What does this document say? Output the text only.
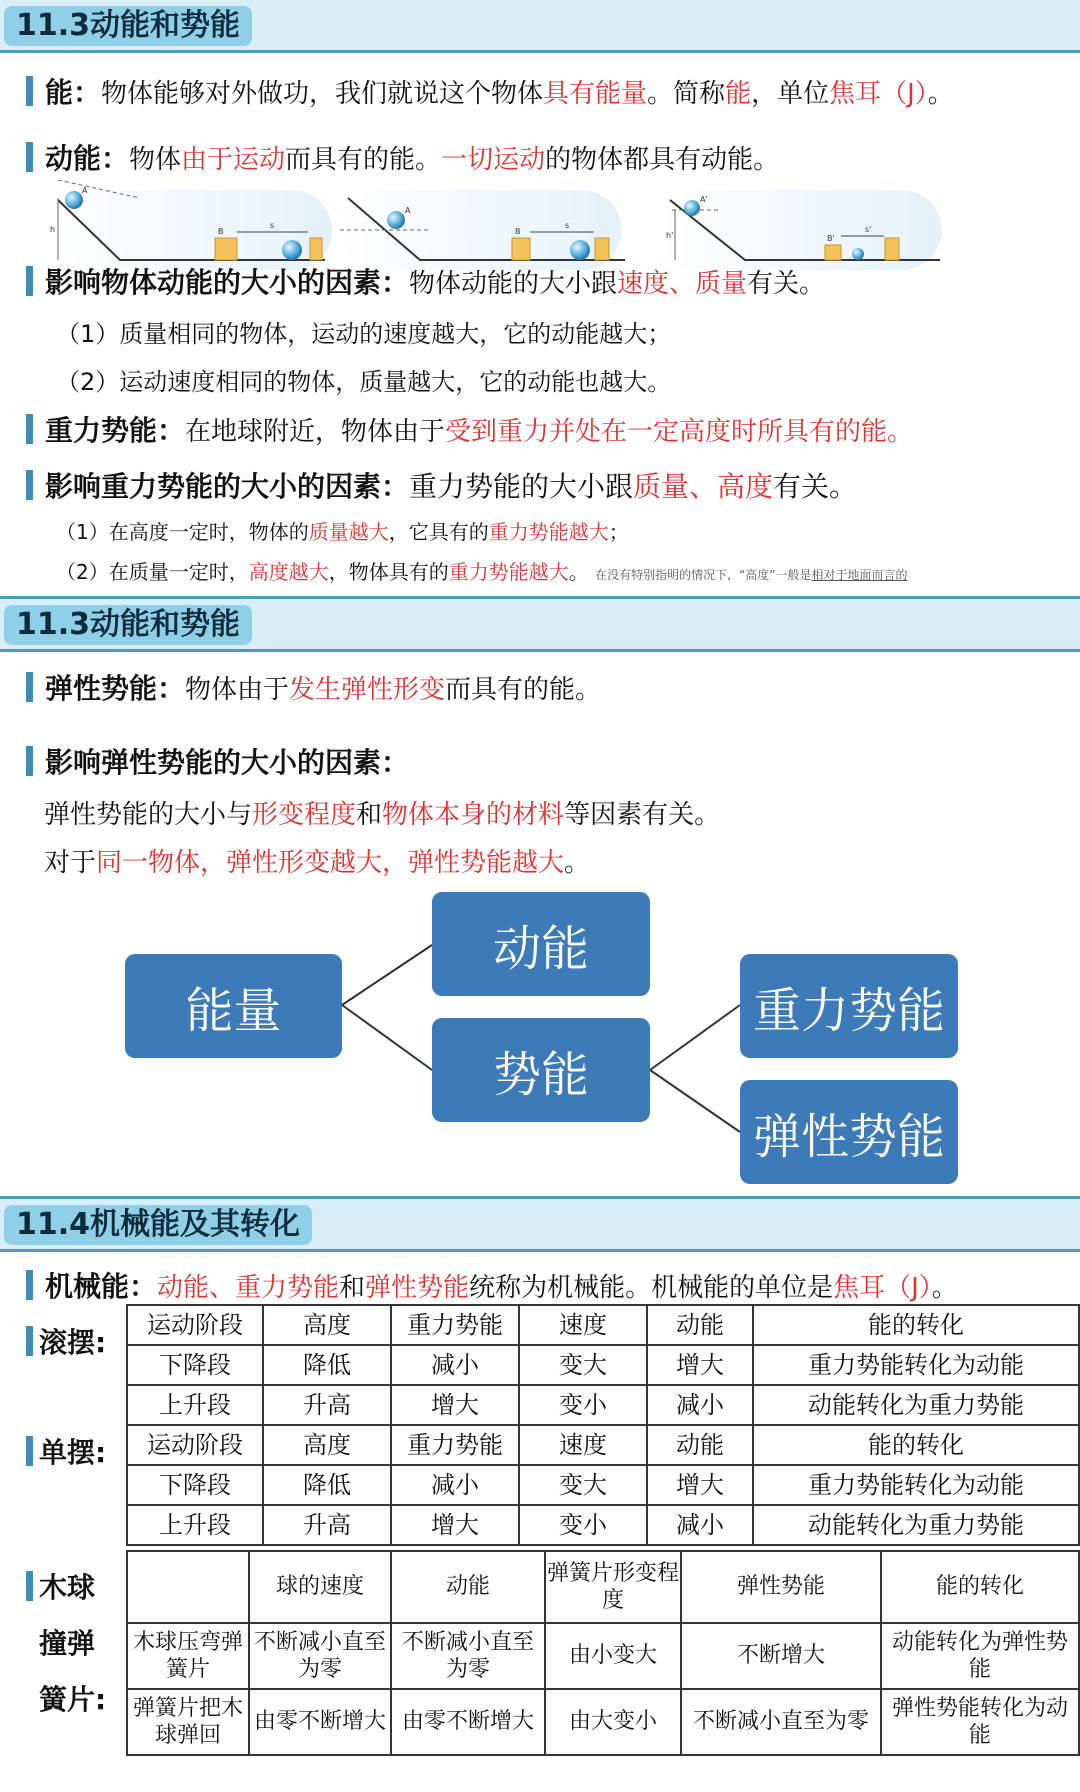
11.3动能和势能
能：物体能够对外做功，我们就说这个物体具有能量。简称能，单位焦耳（J）。
动能：物体由于运动而具有的能。一切运动的物体都具有动能。
A
h	B
s
A
B
s
A'
h'	B'
s'
影响物体动能的大小的因素：物体动能的大小跟速度、质量有关。
（1）质量相同的物体，运动的速度越大，它的动能越大；
（2）运动速度相同的物体，质量越大，它的动能也越大。
重力势能：在地球附近，物体由于受到重力并处在一定高度时所具有的能。
影响重力势能的大小的因素：重力势能的大小跟质量、高度有关。
（1）在高度一定时，物体的质量越大，它具有的重力势能越大；
（2）在质量一定时，高度越大，物体具有的重力势能越大。 在没有特别指明的情况下，“高度”一般是相对于地面而言的
11.3动能和势能
弹性势能：物体由于发生弹性形变而具有的能。
影响弹性势能的大小的因素：
弹性势能的大小与形变程度和物体本身的材料等因素有关。
对于同一物体，弹性形变越大，弹性势能越大。
能量
动能
势能
重力势能
弹性势能
11.4机械能及其转化
机械能：动能、重力势能和弹性势能统称为机械能。机械能的单位是焦耳（J）。
滚摆:
单摆:
木球
撞弹
簧片:
运动阶段	高度	重力势能	速度	动能	能的转化
下降段	降低	减小	变大	增大	重力势能转化为动能
上升段	升高	增大	变小	减小	动能转化为重力势能
运动阶段	高度	重力势能	速度	动能	能的转化
下降段	降低	减小	变大	增大	重力势能转化为动能
上升段	升高	增大	变小	减小	动能转化为重力势能
	球的速度	动能	弹簧片形变程度	弹性势能	能的转化
木球压弯弹簧片	不断减小直至为零	不断减小直至为零	由小变大	不断增大	动能转化为弹性势能
弹簧片把木球弹回	由零不断增大	由零不断增大	由大变小	不断减小直至为零	弹性势能转化为动能
